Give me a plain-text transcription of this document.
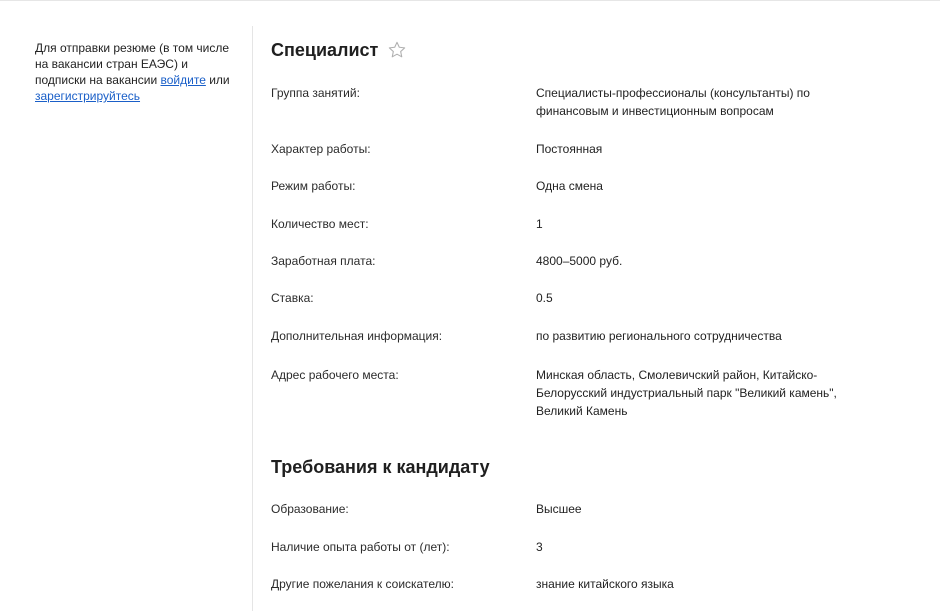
Для отправки резюме (в том числе на вакансии стран ЕАЭС) и подписки на вакансии войдите или зарегистрируйтесь
Специалист
Группа занятий:	Специалисты-профессионалы (консультанты) по финансовым и инвестиционным вопросам
Характер работы:	Постоянная
Режим работы:	Одна смена
Количество мест:	1
Заработная плата:	4800–5000 руб.
Ставка:	0.5
Дополнительная информация:	по развитию регионального сотрудничества
Адрес рабочего места:	Минская область, Смолевичский район, Китайско-Белорусский индустриальный парк "Великий камень", Великий Камень
Требования к кандидату
Образование:	Высшее
Наличие опыта работы от (лет):	3
Другие пожелания к соискателю:	знание китайского языка
